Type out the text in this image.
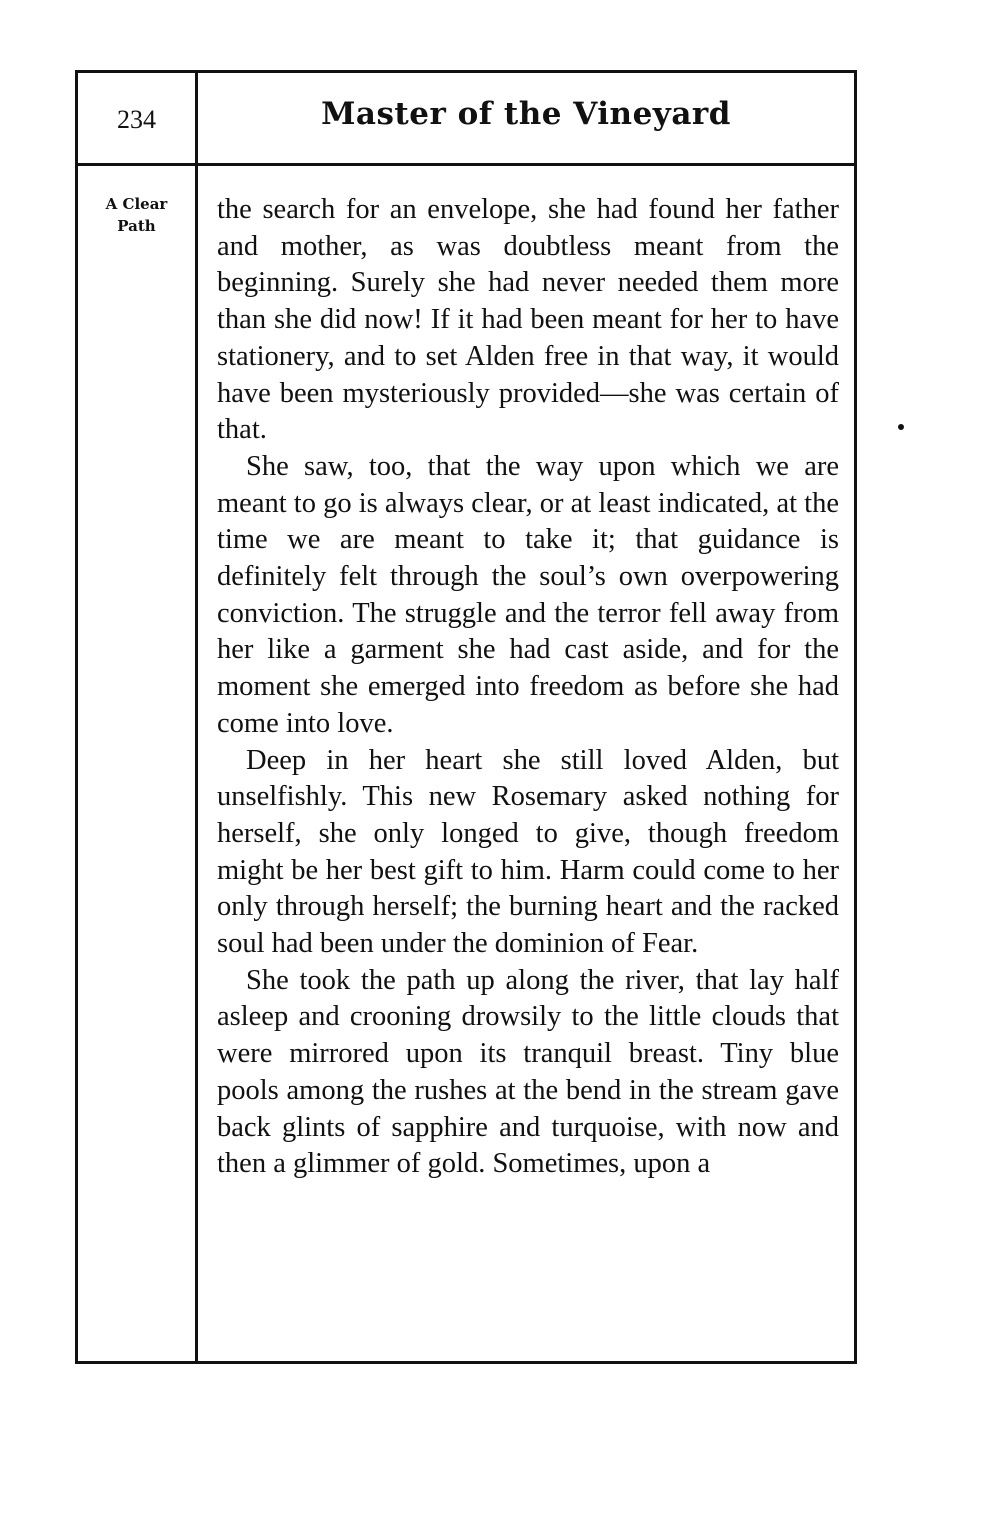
234	Master of the Vineyard
A Clear
Path

the search for an envelope, she had found her father and mother, as was doubtless meant from the beginning. Surely she had never needed them more than she did now! If it had been meant for her to have stationery, and to set Alden free in that way, it would have been mysteriously provided—she was certain of that.

She saw, too, that the way upon which we are meant to go is always clear, or at least indicated, at the time we are meant to take it; that guidance is definitely felt through the soul’s own overpowering conviction. The struggle and the terror fell away from her like a garment she had cast aside, and for the moment she emerged into freedom as before she had come into love.

Deep in her heart she still loved Alden, but unselfishly. This new Rosemary asked nothing for herself, she only longed to give, though freedom might be her best gift to him. Harm could come to her only through herself; the burning heart and the racked soul had been under the dominion of Fear.

She took the path up along the river, that lay half asleep and crooning drowsily to the little clouds that were mirrored upon its tranquil breast. Tiny blue pools among the rushes at the bend in the stream gave back glints of sapphire and turquoise, with now and then a glimmer of gold. Sometimes, upon a
